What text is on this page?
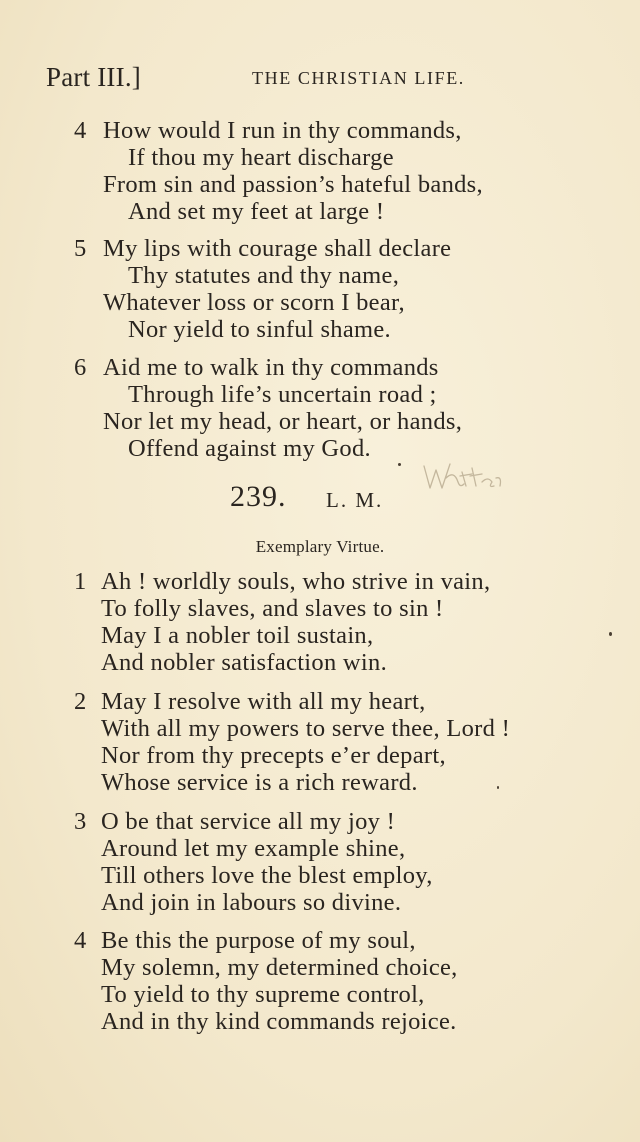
Part III.]	THE CHRISTIAN LIFE.
4 How would I run in thy commands,
If thou my heart discharge
From sin and passion’s hateful bands,
And set my feet at large !
5 My lips with courage shall declare
Thy statutes and thy name,
Whatever loss or scorn I bear,
Nor yield to sinful shame.
6 Aid me to walk in thy commands
Through life’s uncertain road ;
Nor let my head, or heart, or hands,
Offend against my God.
239. L. M.
Exemplary Virtue.
1 Ah ! worldly souls, who strive in vain,
To folly slaves, and slaves to sin !
May I a nobler toil sustain,
And nobler satisfaction win.
2 May I resolve with all my heart,
With all my powers to serve thee, Lord !
Nor from thy precepts e’er depart,
Whose service is a rich reward.
3 O be that service all my joy !
Around let my example shine,
Till others love the blest employ,
And join in labours so divine.
4 Be this the purpose of my soul,
My solemn, my determined choice,
To yield to thy supreme control,
And in thy kind commands rejoice.
